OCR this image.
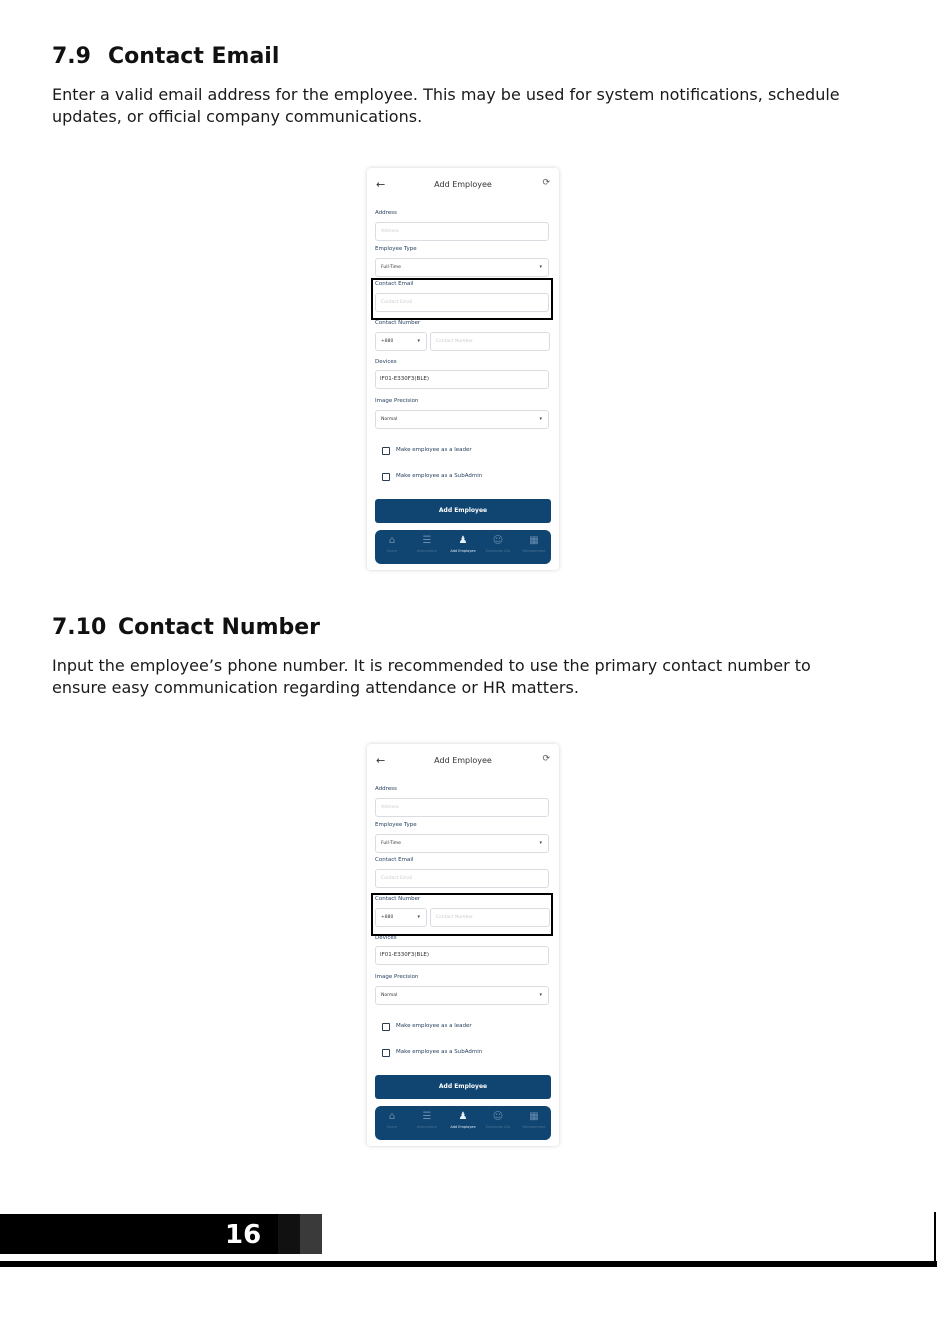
7.9 Contact Email
Enter a valid email address for the employee. This may be used for system notifications, schedule updates, or official company communications.
←	Add Employee	⟳
Address
Address
Employee Type
Full-Time	▾
Contact Email
Contact Email
Contact Number
+880	▾	Contact Number
Devices
IF01-E330F3(BLE)
Image Precision
Normal	▾
Make employee as a leader
Make employee as a SubAdmin
Add Employee
⌂
Home
☰
Attendance
♟
Add Employee
☺
Employee List
▦
Management
7.10 Contact Number
Input the employee’s phone number. It is recommended to use the primary contact number to ensure easy communication regarding attendance or HR matters.
←	Add Employee	⟳
Address
Address
Employee Type
Full-Time	▾
Contact Email
Contact Email
Contact Number
+880	▾	Contact Number
Devices
IF01-E330F3(BLE)
Image Precision
Normal	▾
Make employee as a leader
Make employee as a SubAdmin
Add Employee
⌂
Home
☰
Attendance
♟
Add Employee
☺
Employee List
▦
Management
16
